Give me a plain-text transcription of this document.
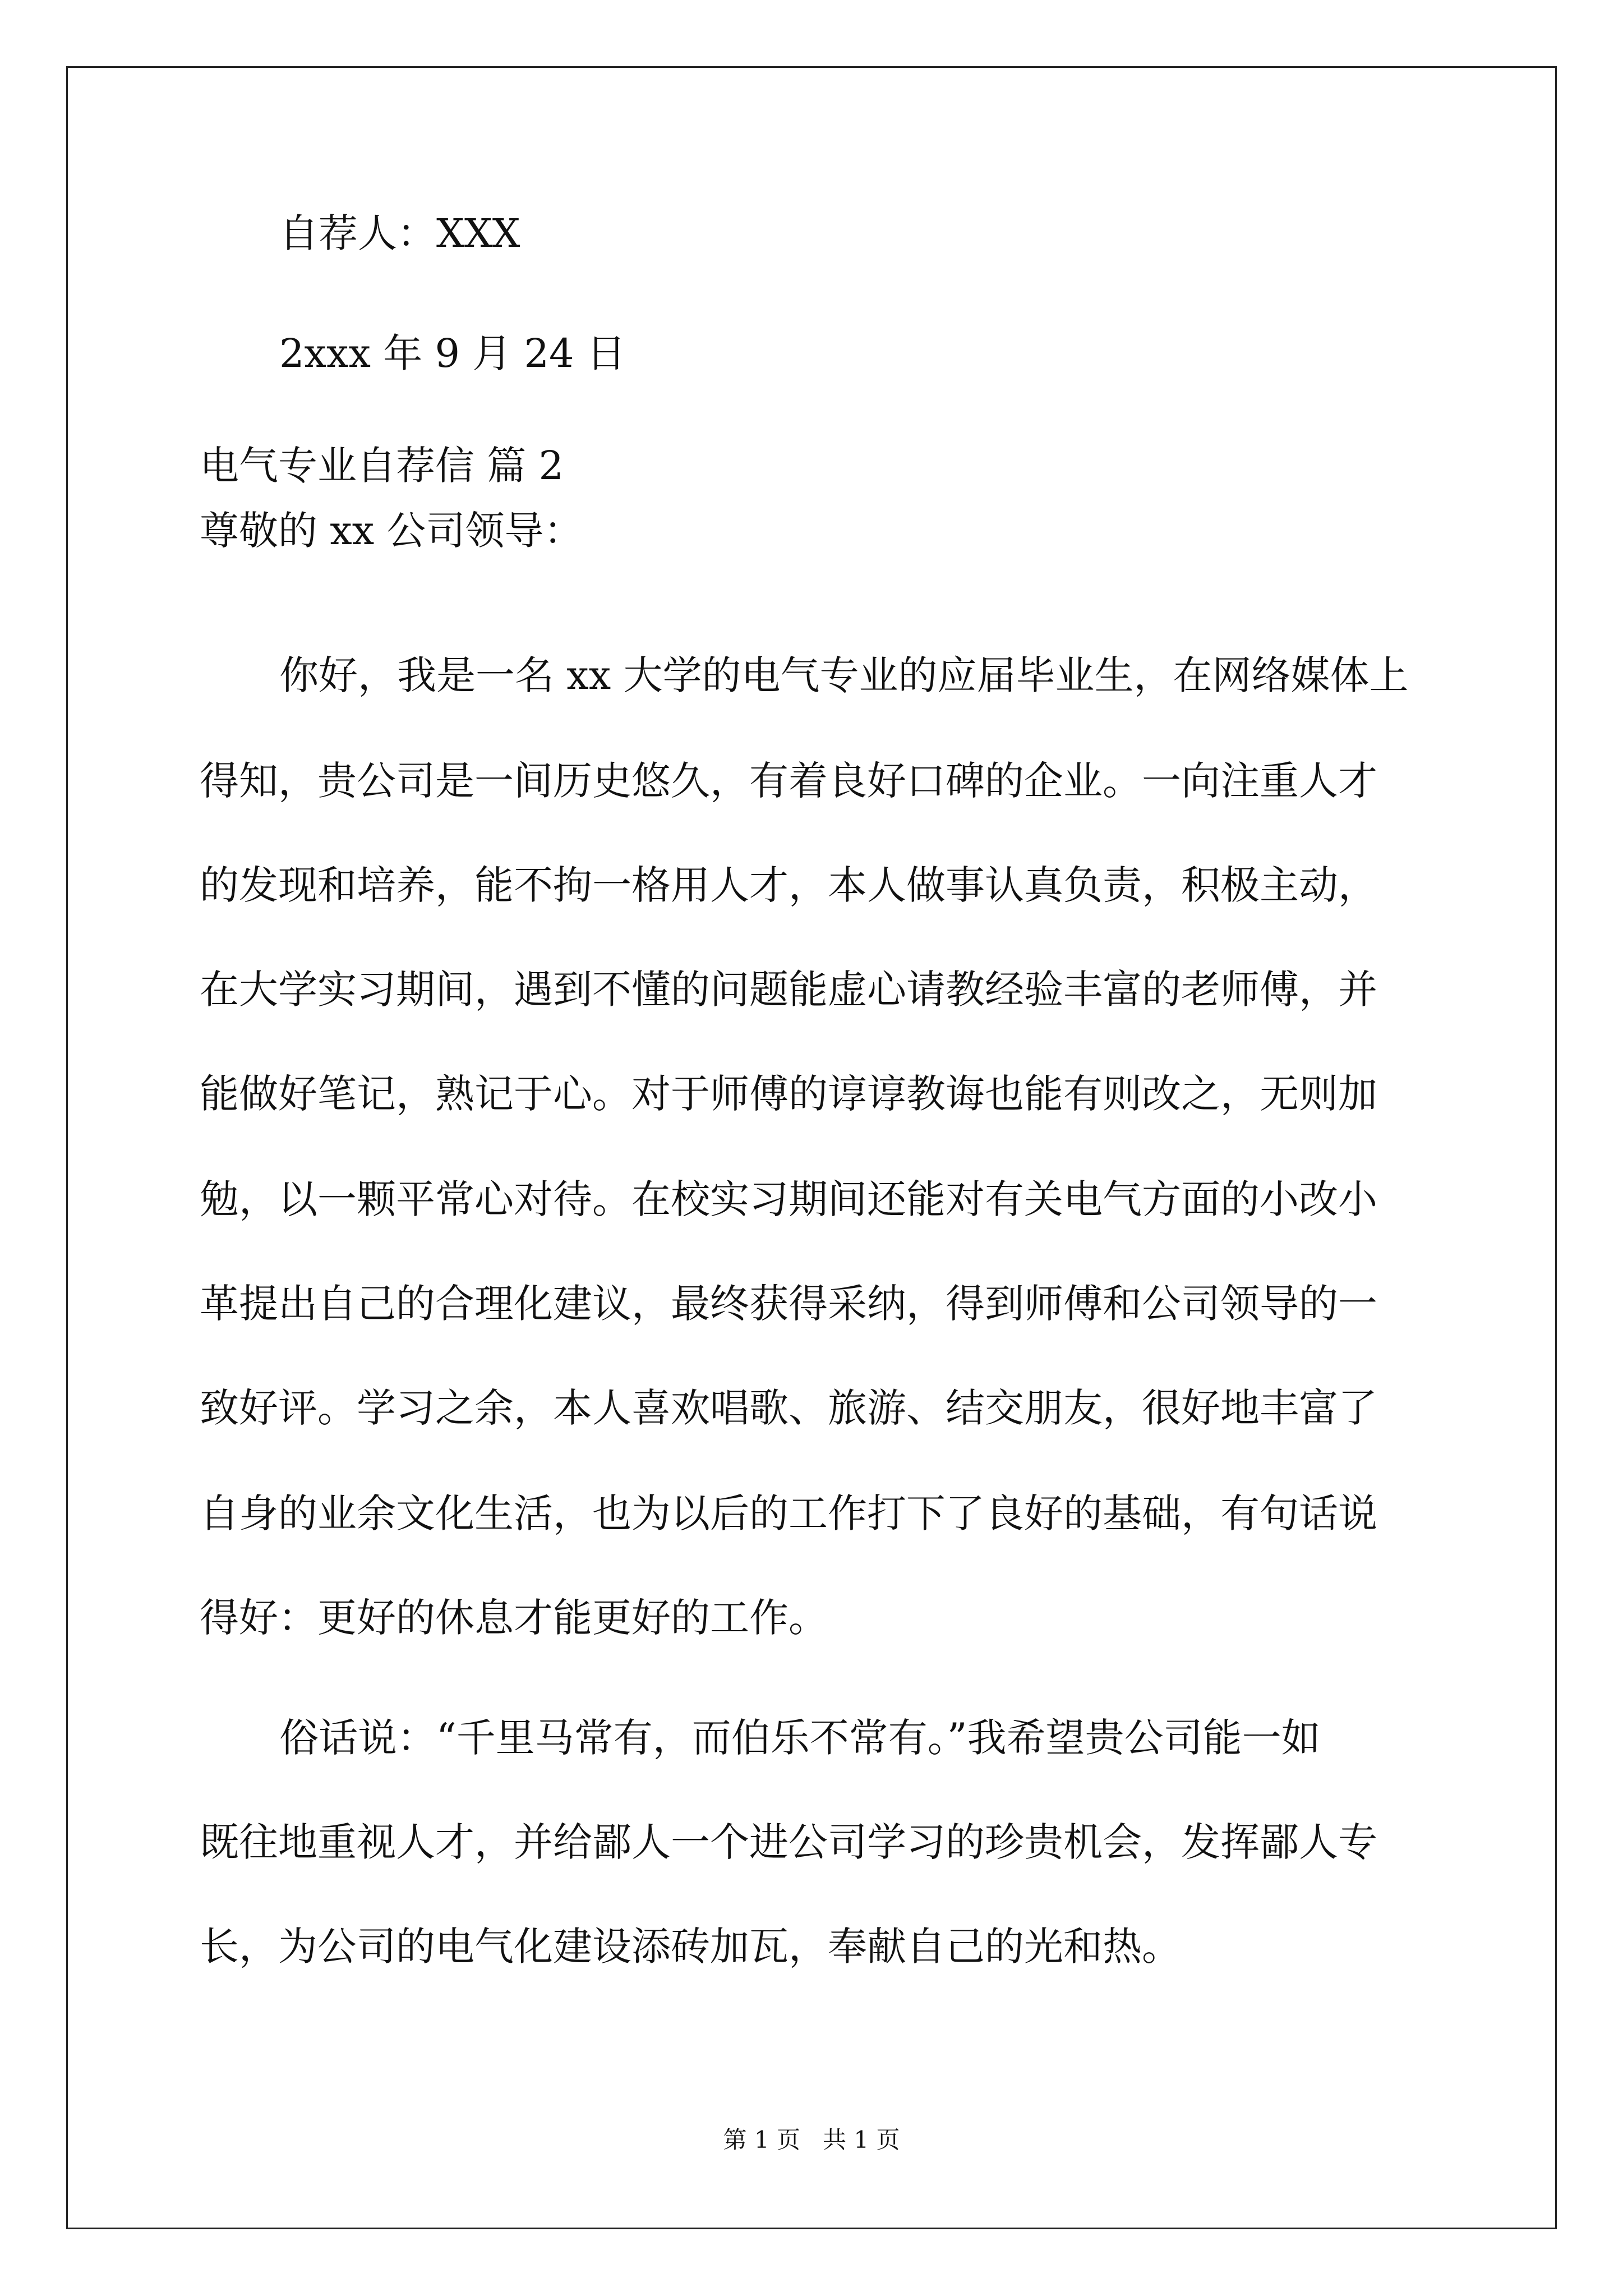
自荐人：XXX

2xxx 年 9 月 24 日

电气专业自荐信 篇 2

尊敬的 xx 公司领导：

你好，我是一名 xx 大学的电气专业的应届毕业生，在网络媒体上

得知，贵公司是一间历史悠久，有着良好口碑的企业。一向注重人才

的发现和培养，能不拘一格用人才，本人做事认真负责，积极主动，

在大学实习期间，遇到不懂的问题能虚心请教经验丰富的老师傅，并

能做好笔记，熟记于心。对于师傅的谆谆教诲也能有则改之，无则加

勉，以一颗平常心对待。在校实习期间还能对有关电气方面的小改小

革提出自己的合理化建议，最终获得采纳，得到师傅和公司领导的一

致好评。学习之余，本人喜欢唱歌、旅游、结交朋友，很好地丰富了

自身的业余文化生活，也为以后的工作打下了良好的基础，有句话说

得好：更好的休息才能更好的工作。

俗话说：“千里马常有，而伯乐不常有。”我希望贵公司能一如

既往地重视人才，并给鄙人一个进公司学习的珍贵机会，发挥鄙人专

长，为公司的电气化建设添砖加瓦，奉献自己的光和热。

第 1 页   共 1 页
